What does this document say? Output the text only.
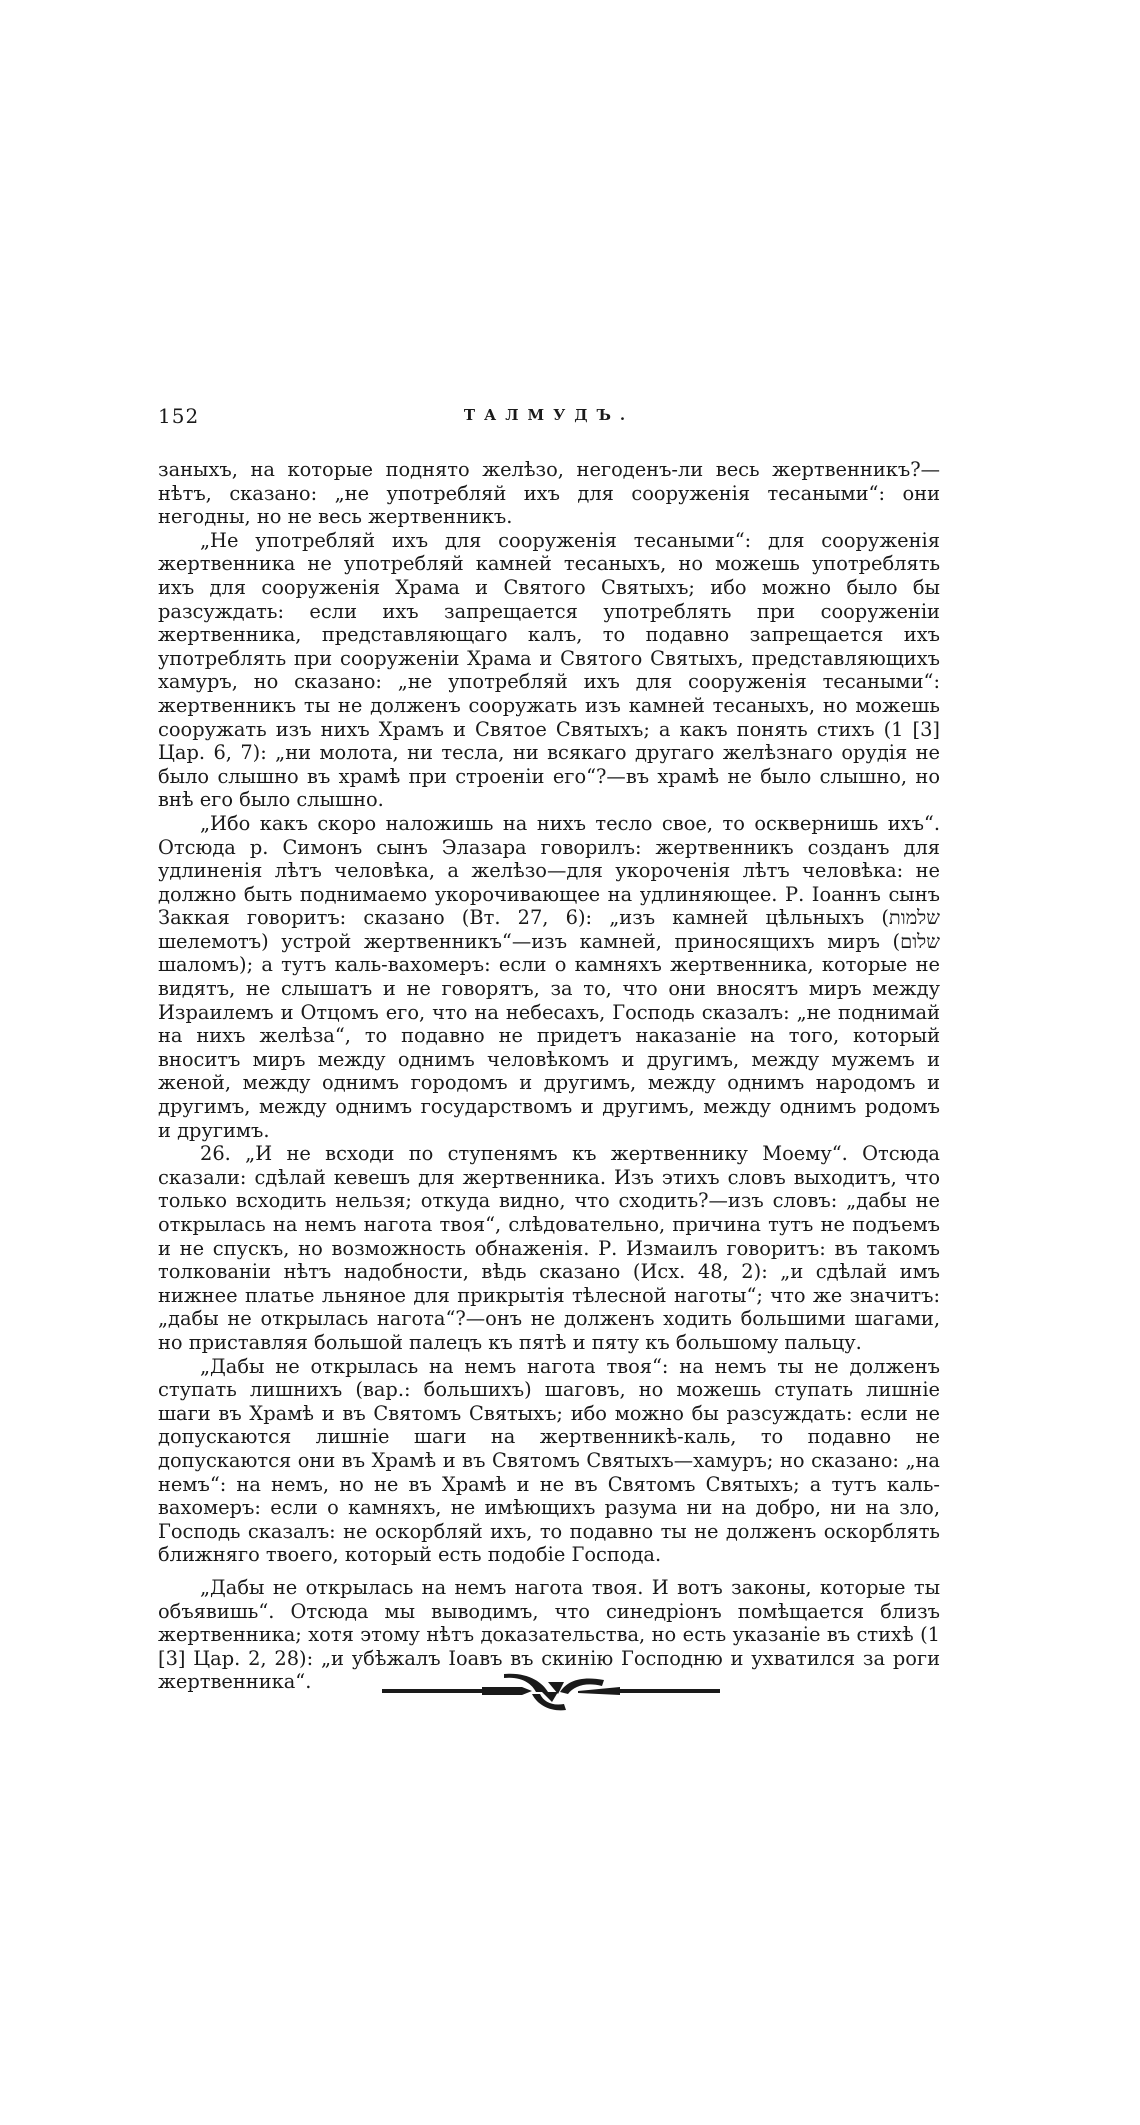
152	ТАЛМУДЪ.

заныхъ, на которые поднято желѣзо, негоденъ-ли весь жертвенникъ?—нѣтъ, сказано: „не употребляй ихъ для сооруженія тесаными“: они негодны, но не весь жертвенникъ.

„Не употребляй ихъ для сооруженія тесаными“: для сооруженія жертвенника не употребляй камней тесаныхъ, но можешь употреблять ихъ для сооруженія Храма и Святого Святыхъ; ибо можно было бы разсуждать: если ихъ запрещается употреблять при сооруженіи жертвенника, представляющаго калъ, то подавно запрещается ихъ употреблять при сооруженіи Храма и Святого Святыхъ, представляющихъ хамуръ, но сказано: „не употребляй ихъ для сооруженія тесаными“: жертвенникъ ты не долженъ сооружать изъ камней тесаныхъ, но можешь сооружать изъ нихъ Храмъ и Святое Святыхъ; а какъ понять стихъ (1 [3] Цар. 6, 7): „ни молота, ни тесла, ни всякаго другаго желѣзнаго орудія не было слышно въ храмѣ при строеніи его“?—въ храмѣ не было слышно, но внѣ его было слышно.

„Ибо какъ скоро наложишь на нихъ тесло свое, то осквернишь ихъ“. Отсюда р. Симонъ сынъ Элазара говорилъ: жертвенникъ созданъ для удлиненія лѣтъ человѣка, а желѣзо—для укороченія лѣтъ человѣка: не должно быть поднимаемо укорочивающее на удлиняющее. Р. Іоаннъ сынъ Заккая говоритъ: сказано (Вт. 27, 6): „изъ камней цѣльныхъ (שלמות шелемотъ) устрой жертвенникъ“—изъ камней, приносящихъ миръ (שלום шаломъ); а тутъ каль-вахомеръ: если о камняхъ жертвенника, которые не видятъ, не слышатъ и не говорятъ, за то, что они вносятъ миръ между Израилемъ и Отцомъ его, что на небесахъ, Господь сказалъ: „не поднимай на нихъ желѣза“, то подавно не придетъ наказаніе на того, который вноситъ миръ между однимъ человѣкомъ и другимъ, между мужемъ и женой, между однимъ городомъ и другимъ, между однимъ народомъ и другимъ, между однимъ государствомъ и другимъ, между однимъ родомъ и другимъ.

26. „И не всходи по ступенямъ къ жертвеннику Моему“. Отсюда сказали: сдѣлай кевешъ для жертвенника. Изъ этихъ словъ выходитъ, что только всходить нельзя; откуда видно, что сходить?—изъ словъ: „дабы не открылась на немъ нагота твоя“, слѣдовательно, причина тутъ не подъемъ и не спускъ, но возможность обнаженія. Р. Измаилъ говоритъ: въ такомъ толкованіи нѣтъ надобности, вѣдь сказано (Исх. 48, 2): „и сдѣлай имъ нижнее платье льняное для прикрытія тѣлесной наготы“; что же значитъ: „дабы не открылась нагота“?—онъ не долженъ ходить большими шагами, но приставляя большой палецъ къ пятѣ и пяту къ большому пальцу.

„Дабы не открылась на немъ нагота твоя“: на немъ ты не долженъ ступать лишнихъ (вар.: большихъ) шаговъ, но можешь ступать лишніе шаги въ Храмѣ и въ Святомъ Святыхъ; ибо можно бы разсуждать: если не допускаются лишніе шаги на жертвенникѣ-каль, то подавно не допускаются они въ Храмѣ и въ Святомъ Святыхъ—хамуръ; но сказано: „на немъ“: на немъ, но не въ Храмѣ и не въ Святомъ Святыхъ; а тутъ каль-вахомеръ: если о камняхъ, не имѣющихъ разума ни на добро, ни на зло, Господь сказалъ: не оскорбляй ихъ, то подавно ты не долженъ оскорблять ближняго твоего, который есть подобіе Господа.

„Дабы не открылась на немъ нагота твоя. И вотъ законы, которые ты объявишь“. Отсюда мы выводимъ, что синедріонъ помѣщается близъ жертвенника; хотя этому нѣтъ доказательства, но есть указаніе въ стихѣ (1 [3] Цар. 2, 28): „и убѣжалъ Іоавъ въ скинію Господню и ухватился за роги жертвенника“.
